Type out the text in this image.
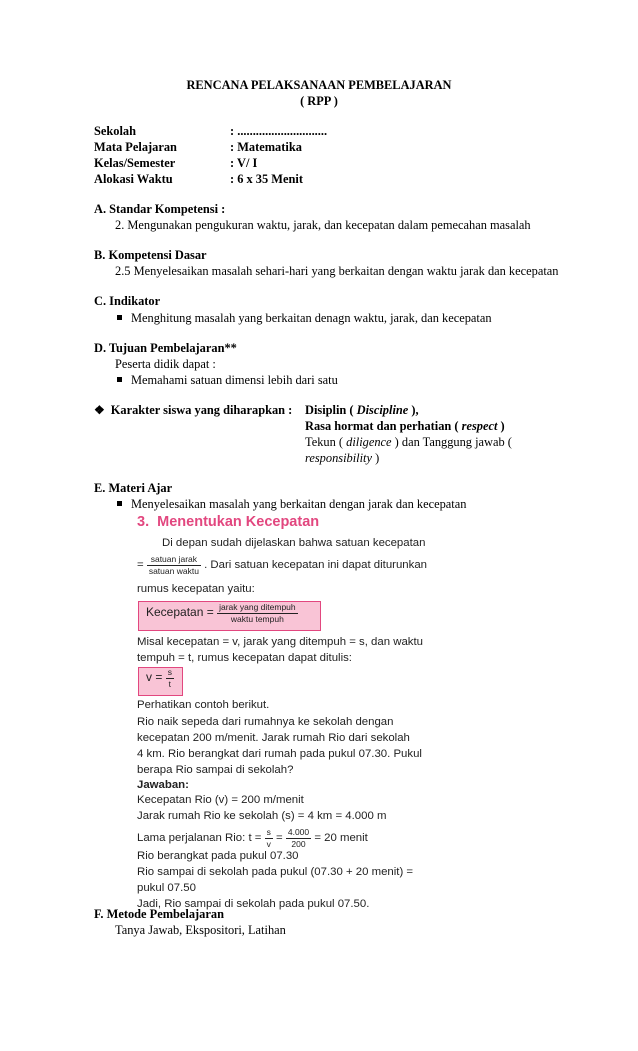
RENCANA PELAKSANAAN PEMBELAJARAN
( RPP )
Sekolah	: .............................
Mata Pelajaran	: Matematika
Kelas/Semester	: V/ I
Alokasi Waktu	: 6 x 35 Menit
A. Standar Kompetensi :
2. Mengunakan pengukuran waktu, jarak, dan kecepatan dalam pemecahan masalah
B. Kompetensi Dasar
2.5 Menyelesaikan masalah sehari-hari yang berkaitan dengan waktu jarak dan kecepatan
C. Indikator
Menghitung masalah yang berkaitan denagn waktu, jarak, dan kecepatan
D. Tujuan Pembelajaran**
Peserta didik dapat :
Memahami satuan dimensi lebih dari satu
❖ Karakter siswa yang diharapkan : Disiplin ( Discipline ),
Rasa hormat dan perhatian ( respect )
Tekun ( diligence ) dan Tanggung jawab (
responsibility )
E. Materi Ajar
Menyelesaikan masalah yang berkaitan dengan jarak dan kecepatan
3. Menentukan Kecepatan
Di depan sudah dijelaskan bahwa satuan kecepatan
= $\frac{\text{satuan jarak}}{\text{satuan waktu}}$ . Dari satuan kecepatan ini dapat diturunkan
rumus kecepatan yaitu:
Kecepatan = $\frac{\text{jarak yang ditempuh}}{\text{waktu tempuh}}$
Misal kecepatan = v, jarak yang ditempuh = s, dan waktu
tempuh = t, rumus kecepatan dapat ditulis:
$v = \frac{s}{t}$
Perhatikan contoh berikut.
Rio naik sepeda dari rumahnya ke sekolah dengan
kecepatan 200 m/menit. Jarak rumah Rio dari sekolah
4 km. Rio berangkat dari rumah pada pukul 07.30. Pukul
berapa Rio sampai di sekolah?
Jawaban:
Kecepatan Rio (v) = 200 m/menit
Jarak rumah Rio ke sekolah (s) = 4 km = 4.000 m
Lama perjalanan Rio: $t = \frac{s}{v} = \frac{4.000}{200} = 20$ menit
Rio berangkat pada pukul 07.30
Rio sampai di sekolah pada pukul (07.30 + 20 menit) =
pukul 07.50
Jadi, Rio sampai di sekolah pada pukul 07.50.
F. Metode Pembelajaran
Tanya Jawab, Ekspositori, Latihan
